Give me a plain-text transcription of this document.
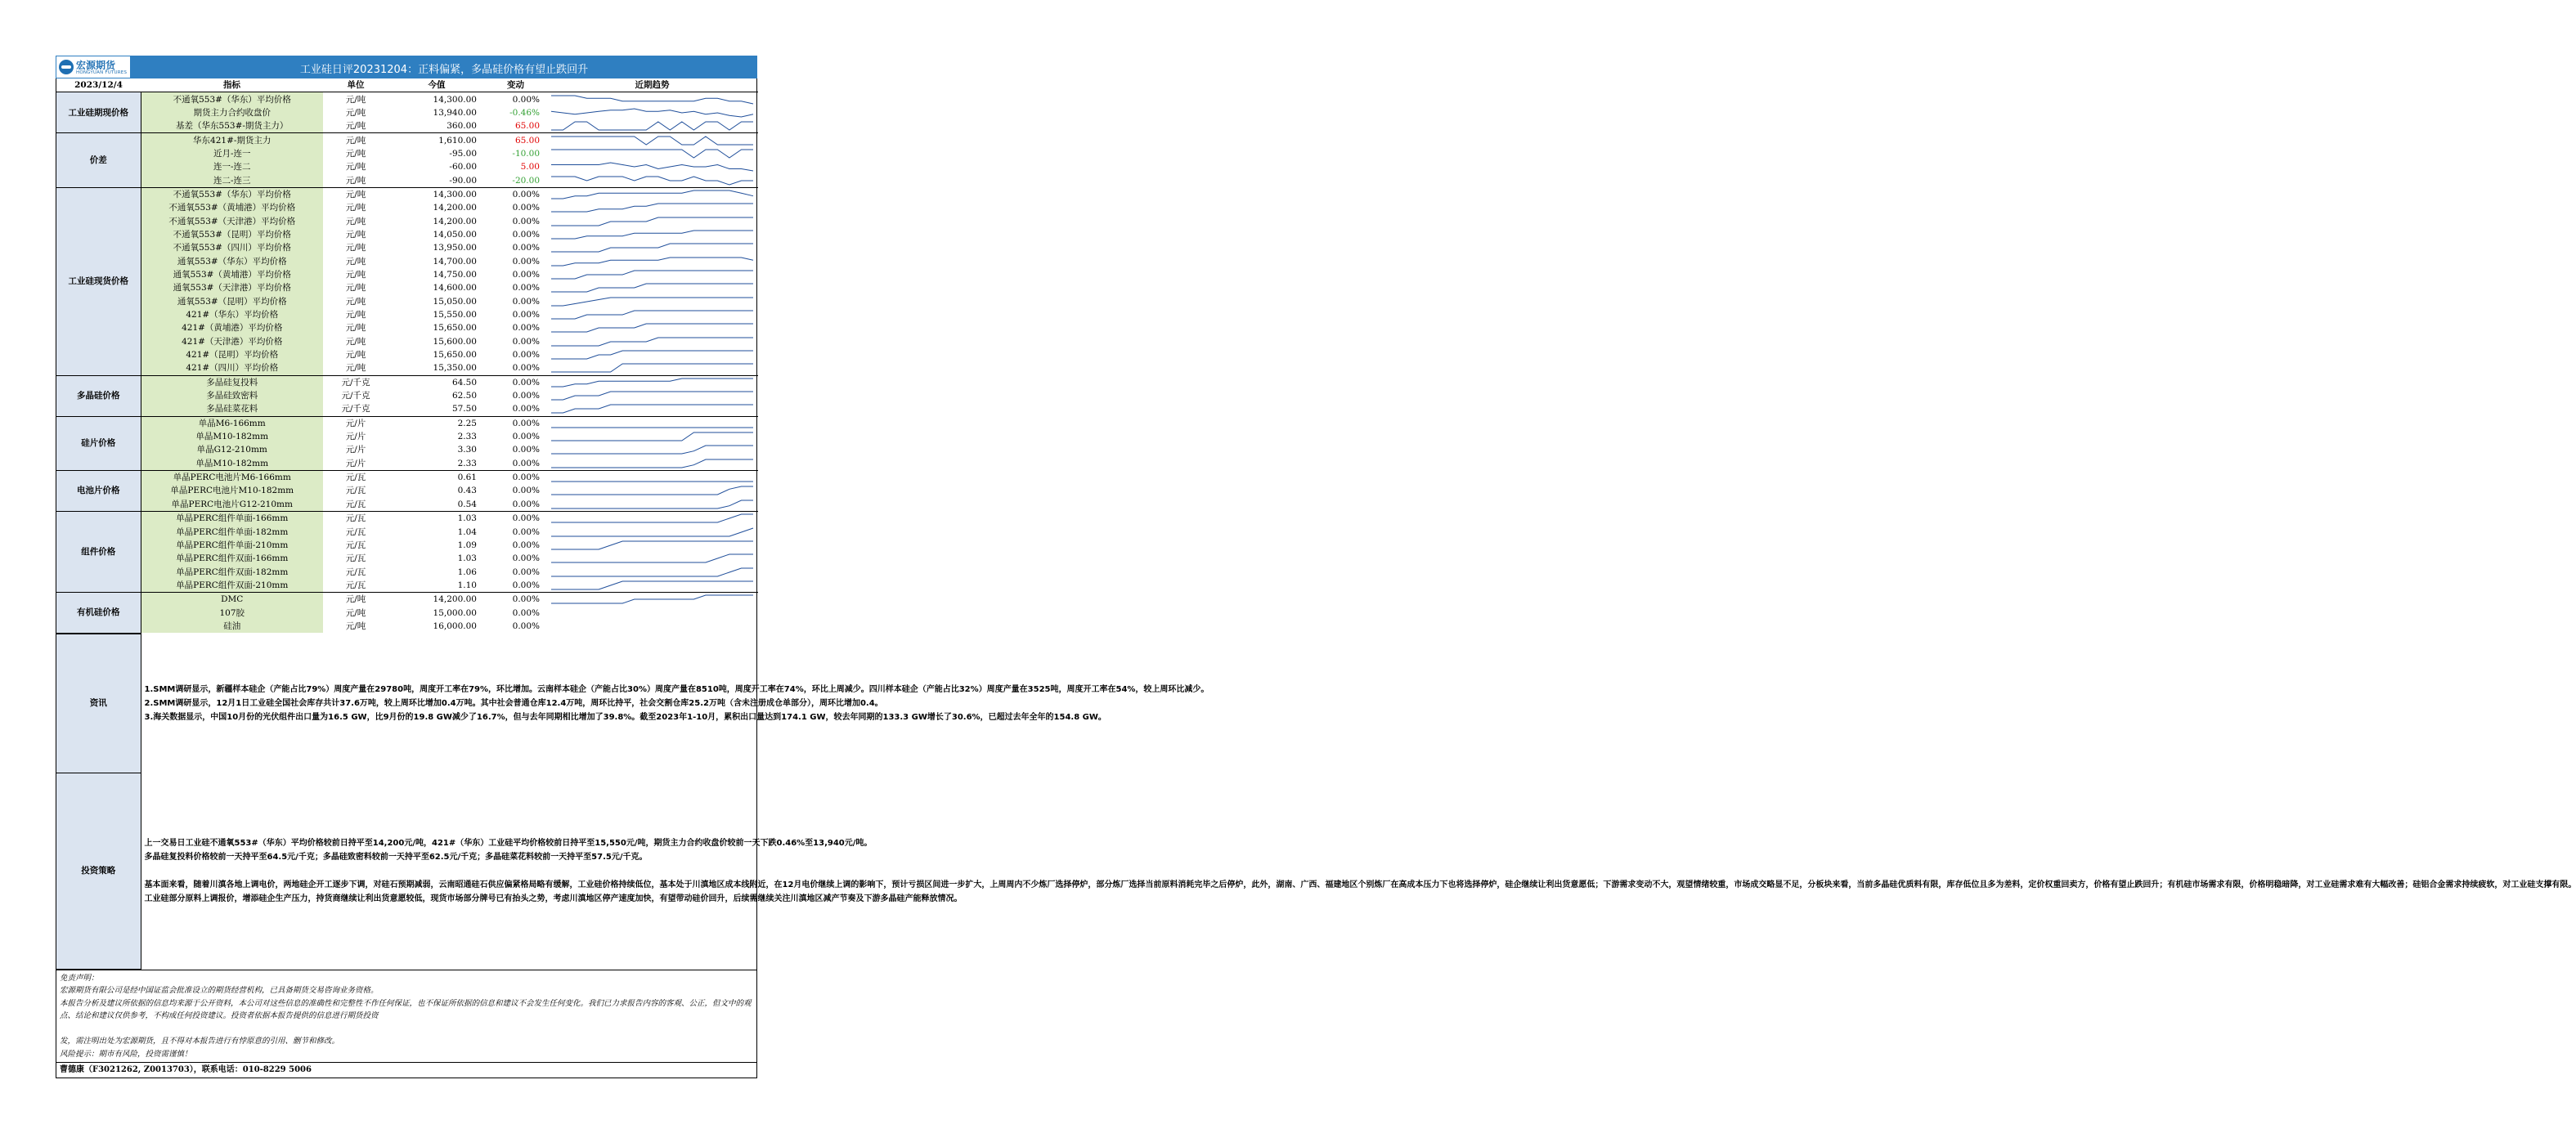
宏源期货
HONGYUAN FUTURES	工业硅日评20231204：正料偏紧，多晶硅价格有望止跌回升
2023/12/4	指标	单位	今值	变动	近期趋势
工业硅期现价格	不通氧553#（华东）平均价格	元/吨	14,300.00	0.00%	

	期货主力合约收盘价	元/吨	13,940.00	-0.46%	

	基差（华东553#-期货主力）	元/吨	360.00	65.00	

价差	华东421#-期货主力	元/吨	1,610.00	65.00	

	近月-连一	元/吨	-95.00	-10.00	

	连一-连二	元/吨	-60.00	5.00	

	连二-连三	元/吨	-90.00	-20.00	

工业硅现货价格	不通氧553#（华东）平均价格	元/吨	14,300.00	0.00%	

	不通氧553#（黄埔港）平均价格	元/吨	14,200.00	0.00%	

	不通氧553#（天津港）平均价格	元/吨	14,200.00	0.00%	

	不通氧553#（昆明）平均价格	元/吨	14,050.00	0.00%	

	不通氧553#（四川）平均价格	元/吨	13,950.00	0.00%	

	通氧553#（华东）平均价格	元/吨	14,700.00	0.00%	

	通氧553#（黄埔港）平均价格	元/吨	14,750.00	0.00%	

	通氧553#（天津港）平均价格	元/吨	14,600.00	0.00%	

	通氧553#（昆明）平均价格	元/吨	15,050.00	0.00%	

	421#（华东）平均价格	元/吨	15,550.00	0.00%	

	421#（黄埔港）平均价格	元/吨	15,650.00	0.00%	

	421#（天津港）平均价格	元/吨	15,600.00	0.00%	

	421#（昆明）平均价格	元/吨	15,650.00	0.00%	

	421#（四川）平均价格	元/吨	15,350.00	0.00%	

多晶硅价格	多晶硅复投料	元/千克	64.50	0.00%	

	多晶硅致密料	元/千克	62.50	0.00%	

	多晶硅菜花料	元/千克	57.50	0.00%	

硅片价格	单晶M6-166mm	元/片	2.25	0.00%	

	单晶M10-182mm	元/片	2.33	0.00%	

	单晶G12-210mm	元/片	3.30	0.00%	

	单晶M10-182mm	元/片	2.33	0.00%	

电池片价格	单晶PERC电池片M6-166mm	元/瓦	0.61	0.00%	

	单晶PERC电池片M10-182mm	元/瓦	0.43	0.00%	

	单晶PERC电池片G12-210mm	元/瓦	0.54	0.00%	

组件价格	单晶PERC组件单面-166mm	元/瓦	1.03	0.00%	

	单晶PERC组件单面-182mm	元/瓦	1.04	0.00%	

	单晶PERC组件单面-210mm	元/瓦	1.09	0.00%	

	单晶PERC组件双面-166mm	元/瓦	1.03	0.00%	

	单晶PERC组件双面-182mm	元/瓦	1.06	0.00%	

	单晶PERC组件双面-210mm	元/瓦	1.10	0.00%	

有机硅价格	DMC	元/吨	14,200.00	0.00%	

	107胶	元/吨	15,000.00	0.00%	

	硅油	元/吨	16,000.00	0.00%	
资讯	1.SMM调研显示，新疆样本硅企（产能占比79%）周度产量在29780吨，周度开工率在79%，环比增加。云南样本硅企（产能占比30%）周度产量在8510吨，周度开工率在74%，环比上周减少。四川样本硅企（产能占比32%）周度产量在3525吨，周度开工率在54%，较上周环比减少。

2.SMM调研显示，12月1日工业硅全国社会库存共计37.6万吨，较上周环比增加0.4万吨。其中社会普通仓库12.4万吨，周环比持平，社会交割仓库25.2万吨（含未注册成仓单部分），周环比增加0.4。

3.海关数据显示，中国10月份的光伏组件出口量为16.5 GW，比9月份的19.8 GW减少了16.7%，但与去年同期相比增加了39.8%。截至2023年1-10月，累积出口量达到174.1 GW，较去年同期的133.3 GW增长了30.6%，已超过去年全年的154.8 GW。

投资策略	上一交易日工业硅不通氧553#（华东）平均价格较前日持平至14,200元/吨，421#（华东）工业硅平均价格较前日持平至15,550元/吨，期货主力合约收盘价较前一天下跌0.46%至13,940元/吨。

多晶硅复投料价格较前一天持平至64.5元/千克；多晶硅致密料较前一天持平至62.5元/千克；多晶硅菜花料较前一天持平至57.5元/千克。

基本面来看，随着川滇各地上调电价，两地硅企开工逐步下调，对硅石预期减弱，云南昭通硅石供应偏紧格局略有缓解，工业硅价格持续低位，基本处于川滇地区成本线附近，在12月电价继续上调的影响下，预计亏损区间进一步扩大，上周周内不少炼厂选择停炉，部分炼厂选择当前原料消耗完毕之后停炉，此外，湖南、广西、福建地区个别炼厂在高成本压力下也将选择停炉，硅企继续让利出货意愿低；下游需求变动不大，观望情绪较重，市场成交略显不足，分板块来看，当前多晶硅优质料有限，库存低位且多为差料，定价权重回卖方，价格有望止跌回升；有机硅市场需求有限，价格明稳暗降，对工业硅需求难有大幅改善；硅铝合金需求持续疲软，对工业硅支撑有限。

工业硅部分原料上调报价，增添硅企生产压力，持货商继续让利出货意愿较低，现货市场部分牌号已有抬头之势，考虑川滇地区停产速度加快，有望带动硅价回升，后续需继续关注川滇地区减产节奏及下游多晶硅产能释放情况。

免责声明：

宏源期货有限公司是经中国证监会批准设立的期货经营机构，已具备期货交易咨询业务资格。

本报告分析及建议所依据的信息均来源于公开资料，本公司对这些信息的准确性和完整性不作任何保证，也不保证所依据的信息和建议不会发生任何变化。我们已力求报告内容的客观、公正，但文中的观点、结论和建议仅供参考，不构成任何投资建议。投资者依据本报告提供的信息进行期货投资

发，需注明出处为宏源期货，且不得对本报告进行有悖原意的引用、删节和修改。

风险提示：期市有风险，投资需谨慎！

曹德康（F3021262, Z0013703），联系电话：010-8229 5006
